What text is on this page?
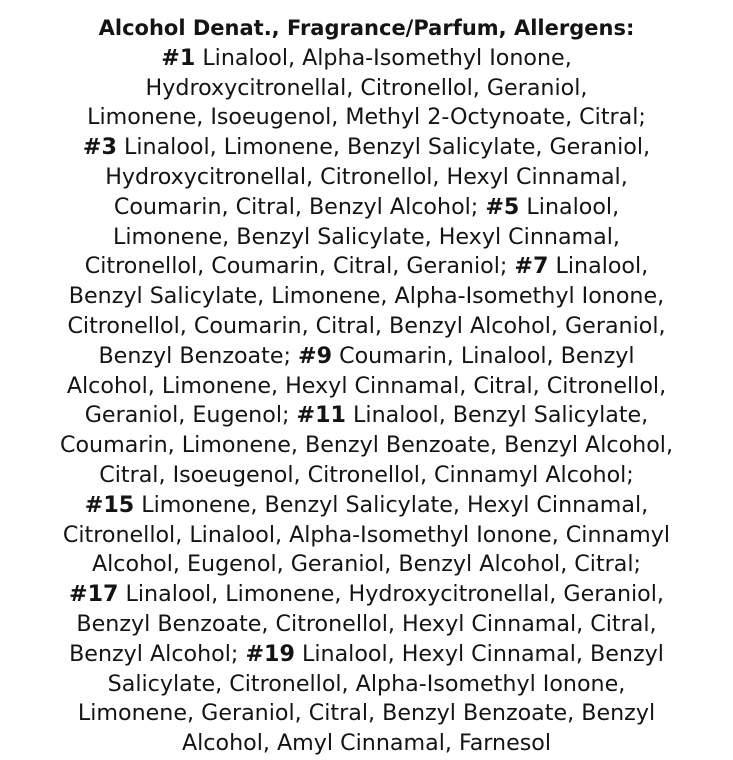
Alcohol Denat., Fragrance/Parfum, Allergens:
#1 Linalool, Alpha-Isomethyl Ionone,
Hydroxycitronellal, Citronellol, Geraniol,
Limonene, Isoeugenol, Methyl 2-Octynoate, Citral;
#3 Linalool, Limonene, Benzyl Salicylate, Geraniol,
Hydroxycitronellal, Citronellol, Hexyl Cinnamal,
Coumarin, Citral, Benzyl Alcohol; #5 Linalool,
Limonene, Benzyl Salicylate, Hexyl Cinnamal,
Citronellol, Coumarin, Citral, Geraniol; #7 Linalool,
Benzyl Salicylate, Limonene, Alpha-Isomethyl Ionone,
Citronellol, Coumarin, Citral, Benzyl Alcohol, Geraniol,
Benzyl Benzoate; #9 Coumarin, Linalool, Benzyl
Alcohol, Limonene, Hexyl Cinnamal, Citral, Citronellol,
Geraniol, Eugenol; #11 Linalool, Benzyl Salicylate,
Coumarin, Limonene, Benzyl Benzoate, Benzyl Alcohol,
Citral, Isoeugenol, Citronellol, Cinnamyl Alcohol;
#15 Limonene, Benzyl Salicylate, Hexyl Cinnamal,
Citronellol, Linalool, Alpha-Isomethyl Ionone, Cinnamyl
Alcohol, Eugenol, Geraniol, Benzyl Alcohol, Citral;
#17 Linalool, Limonene, Hydroxycitronellal, Geraniol,
Benzyl Benzoate, Citronellol, Hexyl Cinnamal, Citral,
Benzyl Alcohol; #19 Linalool, Hexyl Cinnamal, Benzyl
Salicylate, Citronellol, Alpha-Isomethyl Ionone,
Limonene, Geraniol, Citral, Benzyl Benzoate, Benzyl
Alcohol, Amyl Cinnamal, Farnesol
